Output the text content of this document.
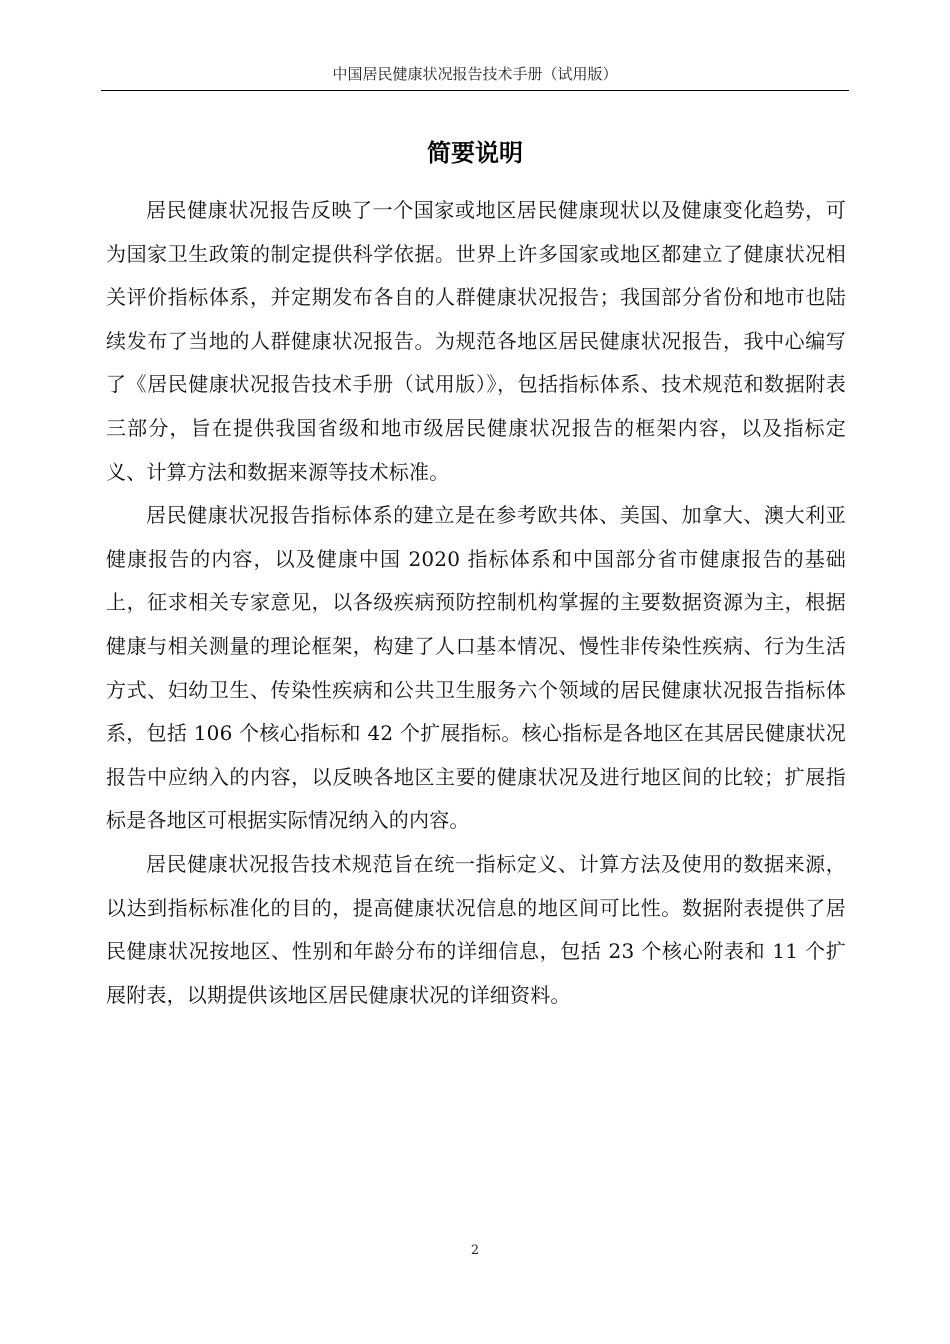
中国居民健康状况报告技术手册（试用版）
简要说明

居民健康状况报告反映了一个国家或地区居民健康现状以及健康变化趋势，可为国家卫生政策的制定提供科学依据。世界上许多国家或地区都建立了健康状况相关评价指标体系，并定期发布各自的人群健康状况报告；我国部分省份和地市也陆续发布了当地的人群健康状况报告。为规范各地区居民健康状况报告，我中心编写了《居民健康状况报告技术手册（试用版）》，包括指标体系、技术规范和数据附表三部分，旨在提供我国省级和地市级居民健康状况报告的框架内容，以及指标定义、计算方法和数据来源等技术标准。

居民健康状况报告指标体系的建立是在参考欧共体、美国、加拿大、澳大利亚健康报告的内容，以及健康中国 2020 指标体系和中国部分省市健康报告的基础上，征求相关专家意见，以各级疾病预防控制机构掌握的主要数据资源为主，根据健康与相关测量的理论框架，构建了人口基本情况、慢性非传染性疾病、行为生活方式、妇幼卫生、传染性疾病和公共卫生服务六个领域的居民健康状况报告指标体系，包括 106 个核心指标和 42 个扩展指标。核心指标是各地区在其居民健康状况报告中应纳入的内容，以反映各地区主要的健康状况及进行地区间的比较；扩展指标是各地区可根据实际情况纳入的内容。

居民健康状况报告技术规范旨在统一指标定义、计算方法及使用的数据来源，以达到指标标准化的目的，提高健康状况信息的地区间可比性。数据附表提供了居民健康状况按地区、性别和年龄分布的详细信息，包括 23 个核心附表和 11 个扩展附表，以期提供该地区居民健康状况的详细资料。

2
